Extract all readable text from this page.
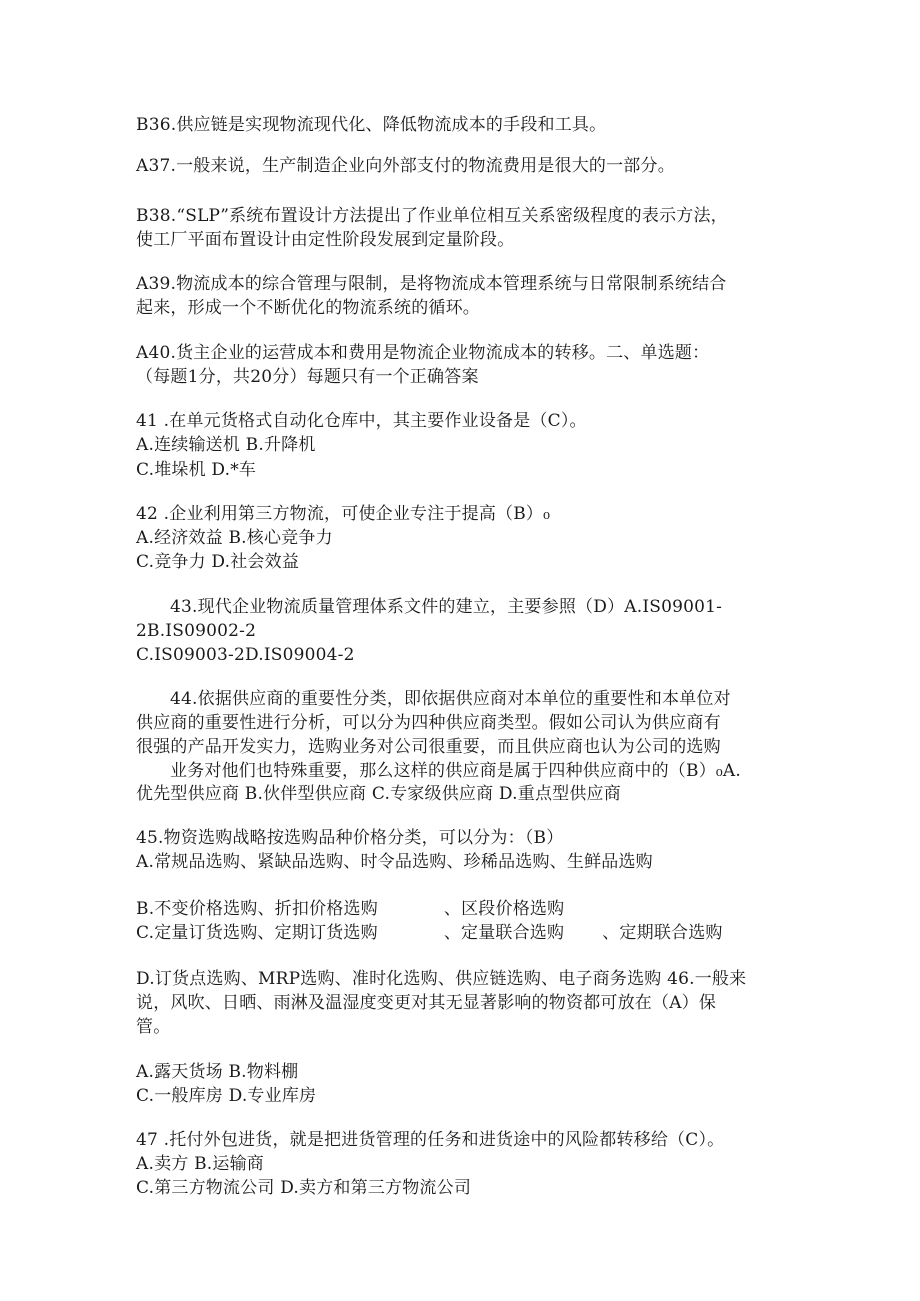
B36.供应链是实现物流现代化、降低物流成本的手段和工具。
A37.一般来说，生产制造企业向外部支付的物流费用是很大的一部分。
B38.“SLP”系统布置设计方法提出了作业单位相互关系密级程度的表示方法，
使工厂平面布置设计由定性阶段发展到定量阶段。
A39.物流成本的综合管理与限制，是将物流成本管理系统与日常限制系统结合
起来，形成一个不断优化的物流系统的循环。
A40.货主企业的运营成本和费用是物流企业物流成本的转移。二、单选题：
（每题1分，共20分）每题只有一个正确答案
41 .在单元货格式自动化仓库中，其主要作业设备是（C）。
A.连续输送机 B.升降机
C.堆垛机 D.*车
42 .企业利用第三方物流，可使企业专注于提高（B）₀
A.经济效益 B.核心竞争力
C.竞争力 D.社会效益
43.现代企业物流质量管理体系文件的建立，主要参照（D）A.IS09001-
2B.IS09002-2
C.IS09003-2D.IS09004-2
44.依据供应商的重要性分类，即依据供应商对本单位的重要性和本单位对
供应商的重要性进行分析，可以分为四种供应商类型。假如公司认为供应商有
很强的产品开发实力，选购业务对公司很重要，而且供应商也认为公司的选购
业务对他们也特殊重要，那么这样的供应商是属于四种供应商中的（B）₀A.
优先型供应商 B.伙伴型供应商 C.专家级供应商 D.重点型供应商
45.物资选购战略按选购品种价格分类，可以分为：（B）
A.常规品选购、紧缺品选购、时令品选购、珍稀品选购、生鲜品选购
B.不变价格选购、折扣价格选购	、区段价格选购
C.定量订货选购、定期订货选购	、定量联合选购 、定期联合选购
D.订货点选购、MRP选购、准时化选购、供应链选购、电子商务选购 46.一般来
说，风吹、日晒、雨淋及温湿度变更对其无显著影响的物资都可放在（A）保
管。
A.露天货场 B.物料棚
C.一般库房 D.专业库房
47 .托付外包进货，就是把进货管理的任务和进货途中的风险都转移给（C）。
A.卖方 B.运输商
C.第三方物流公司 D.卖方和第三方物流公司
